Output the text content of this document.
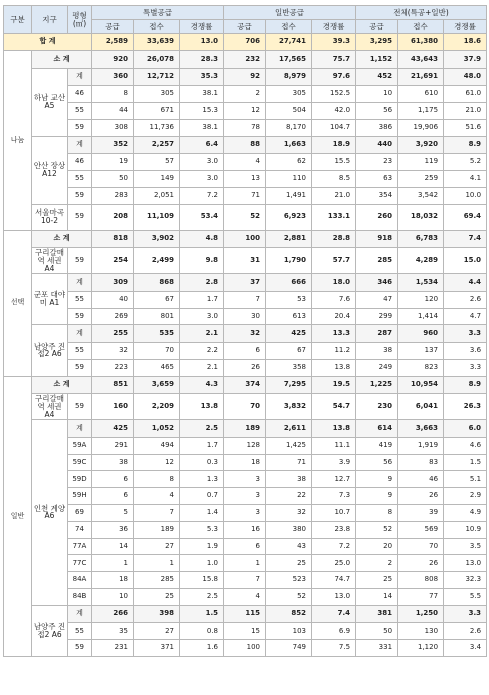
구분	지구	평형 (㎡)	특별공급			일반공급			전체(특공+일반)		
			공급	접수	경쟁률	공급	접수	경쟁률	공급	접수	경쟁률
합 계			2,589	33,639	13.0	706	27,741	39.3	3,295	61,380	18.6
나눔	소 계		920	26,078	28.3	232	17,565	75.7	1,152	43,643	37.9
	하남 교산 A5	계	360	12,712	35.3	92	8,979	97.6	452	21,691	48.0
		46	8	305	38.1	2	305	152.5	10	610	61.0
		55	44	671	15.3	12	504	42.0	56	1,175	21.0
		59	308	11,736	38.1	78	8,170	104.7	386	19,906	51.6
	안산 장상 A12	계	352	2,257	6.4	88	1,663	18.9	440	3,920	8.9
		46	19	57	3.0	4	62	15.5	23	119	5.2
		55	50	149	3.0	13	110	8.5	63	259	4.1
		59	283	2,051	7.2	71	1,491	21.0	354	3,542	10.0
	서울마곡 10-2	59	208	11,109	53.4	52	6,923	133.1	260	18,032	69.4
선택	소 계		818	3,902	4.8	100	2,881	28.8	918	6,783	7.4
	구리갈매역 세권 A4	59	254	2,499	9.8	31	1,790	57.7	285	4,289	15.0
	군포 대야미 A1	계	309	868	2.8	37	666	18.0	346	1,534	4.4
		55	40	67	1.7	7	53	7.6	47	120	2.6
		59	269	801	3.0	30	613	20.4	299	1,414	4.7
	남양주 진접2 A6	계	255	535	2.1	32	425	13.3	287	960	3.3
		55	32	70	2.2	6	67	11.2	38	137	3.6
		59	223	465	2.1	26	358	13.8	249	823	3.3
일반	소 계		851	3,659	4.3	374	7,295	19.5	1,225	10,954	8.9
	구리갈매역 세권 A4	59	160	2,209	13.8	70	3,832	54.7	230	6,041	26.3
	인천 계양 A6	계	425	1,052	2.5	189	2,611	13.8	614	3,663	6.0
		59A	291	494	1.7	128	1,425	11.1	419	1,919	4.6
		59C	38	12	0.3	18	71	3.9	56	83	1.5
		59D	6	8	1.3	3	38	12.7	9	46	5.1
		59H	6	4	0.7	3	22	7.3	9	26	2.9
		69	5	7	1.4	3	32	10.7	8	39	4.9
		74	36	189	5.3	16	380	23.8	52	569	10.9
		77A	14	27	1.9	6	43	7.2	20	70	3.5
		77C	1	1	1.0	1	25	25.0	2	26	13.0
		84A	18	285	15.8	7	523	74.7	25	808	32.3
		84B	10	25	2.5	4	52	13.0	14	77	5.5
	남양주 진접2 A6	계	266	398	1.5	115	852	7.4	381	1,250	3.3
		55	35	27	0.8	15	103	6.9	50	130	2.6
		59	231	371	1.6	100	749	7.5	331	1,120	3.4
